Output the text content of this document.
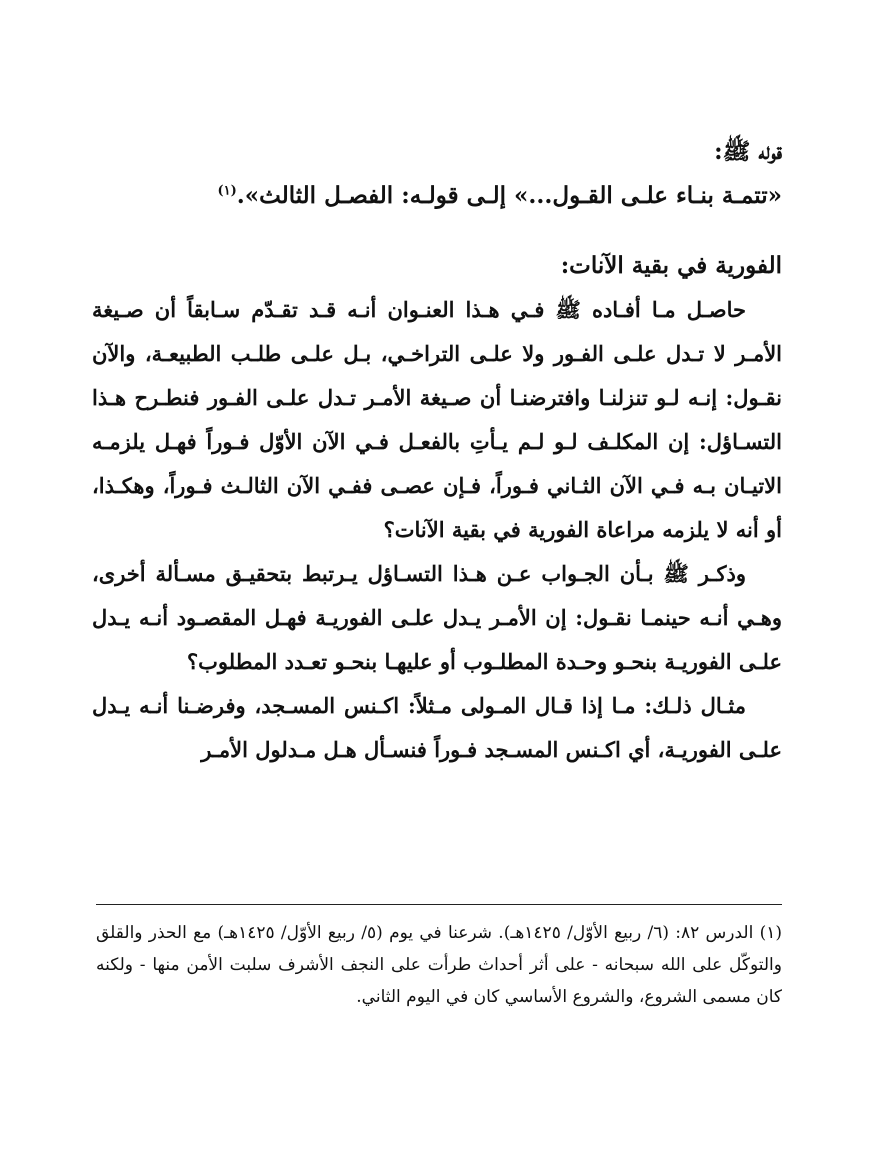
قوله ﷺ:
«تتمـة بنـاء علـى القـول...» إلـى قولـه: الفصـل الثالث».$^{(١)}$
الفورية في بقية الآنات:

حاصـل مـا أفـاده ﷺ فـي هـذا العنـوان أنـه قـد تقـدّم سـابقاً أن صـيغة الأمـر لا تـدل علـى الفـور ولا علـى التراخـي، بـل علـى طلـب الطبيعـة، والآن نقـول: إنـه لـو تنزلنـا وافترضنـا أن صـيغة الأمـر تـدل علـى الفـور فنطـرح هـذا التسـاؤل: إن المكلـف لـو لـم يـأتِ بالفعـل فـي الآن الأوّل فـوراً فهـل يلزمـه الاتيـان بـه فـي الآن الثـاني فـوراً، فـإن عصـى ففـي الآن الثالـث فـوراً، وهكـذا، أو أنه لا يلزمه مراعاة الفورية في بقية الآنات؟

وذكـر ﷺ بـأن الجـواب عـن هـذا التسـاؤل يـرتبط بتحقيـق مسـألة أخرى، وهـي أنـه حينمـا نقـول: إن الأمـر يـدل علـى الفوريـة فهـل المقصـود أنـه يـدل علـى الفوريـة بنحـو وحـدة المطلـوب أو عليهـا بنحـو تعـدد المطلوب؟

مثـال ذلـك: مـا إذا قـال المـولى مـثلاً: اكـنس المسـجد، وفرضـنا أنـه يـدل علـى الفوريـة، أي اكـنس المسـجد فـوراً فنسـأل هـل مـدلول الأمـر

(١) الدرس ٨٢: (٦/ ربيع الأوّل/ ١٤٢٥هـ). شرعنا في يوم (٥/ ربيع الأوّل/ ١٤٢٥هـ) مع الحذر والقلق والتوكّل على الله سبحانه - على أثر أحداث طرأت على النجف الأشرف سلبت الأمن منها - ولكنه كان مسمى الشروع، والشروع الأساسي كان في اليوم الثاني.
